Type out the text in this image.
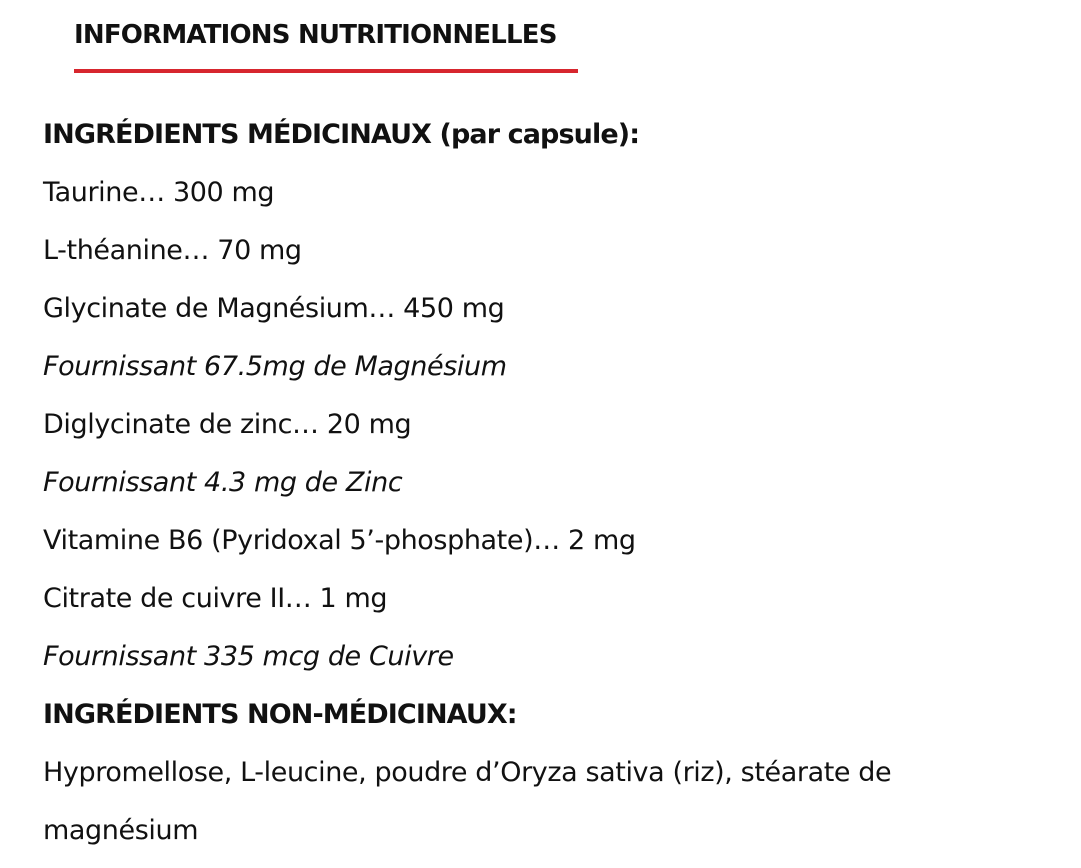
INFORMATIONS NUTRITIONNELLES
INGRÉDIENTS MÉDICINAUX (par capsule):
Taurine… 300 mg
L-théanine… 70 mg
Glycinate de Magnésium… 450 mg
Fournissant 67.5mg de Magnésium
Diglycinate de zinc… 20 mg
Fournissant 4.3 mg de Zinc
Vitamine B6 (Pyridoxal 5’-phosphate)… 2 mg
Citrate de cuivre II… 1 mg
Fournissant 335 mcg de Cuivre
INGRÉDIENTS NON-MÉDICINAUX:
Hypromellose, L-leucine, poudre d’Oryza sativa (riz), stéarate de magnésium
